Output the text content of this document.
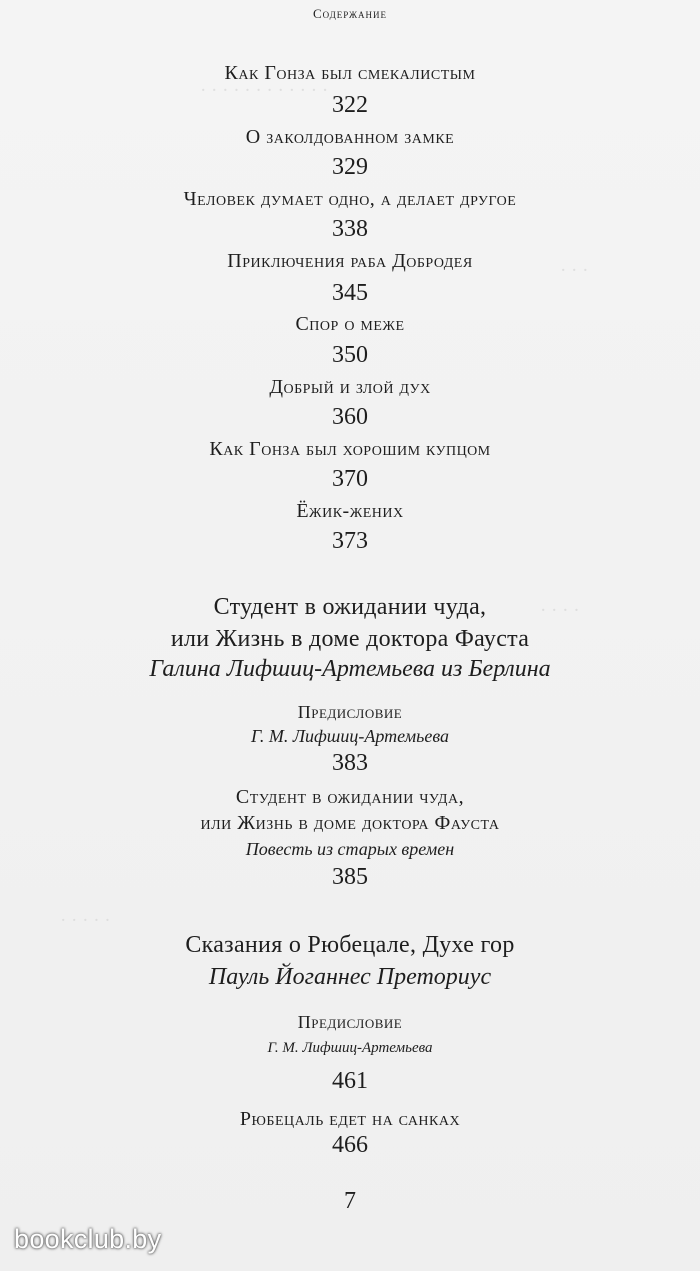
· · · · · · · · · · · ·
· · ·
· · · ·
· · · · ·
Содержание
Как Гонза был смекалистым
322
О заколдованном замке
329
Человек думает одно, а делает другое
338
Приключения раба Добродея
345
Спор о меже
350
Добрый и злой дух
360
Как Гонза был хорошим купцом
370
Ёжик-жених
373
Студент в ожидании чуда,
или Жизнь в доме доктора Фауста
Галина Лифшиц-Артемьева из Берлина
Предисловие
Г. М. Лифшиц-Артемьева
383
Студент в ожидании чуда,
или Жизнь в доме доктора Фауста
Повесть из старых времен
385
Сказания о Рюбецале, Духе гор
Пауль Йоганнес Преториус
Предисловие
Г. М. Лифшиц-Артемьева
461
Рюбецаль едет на санках
466
7
bookclub.by
